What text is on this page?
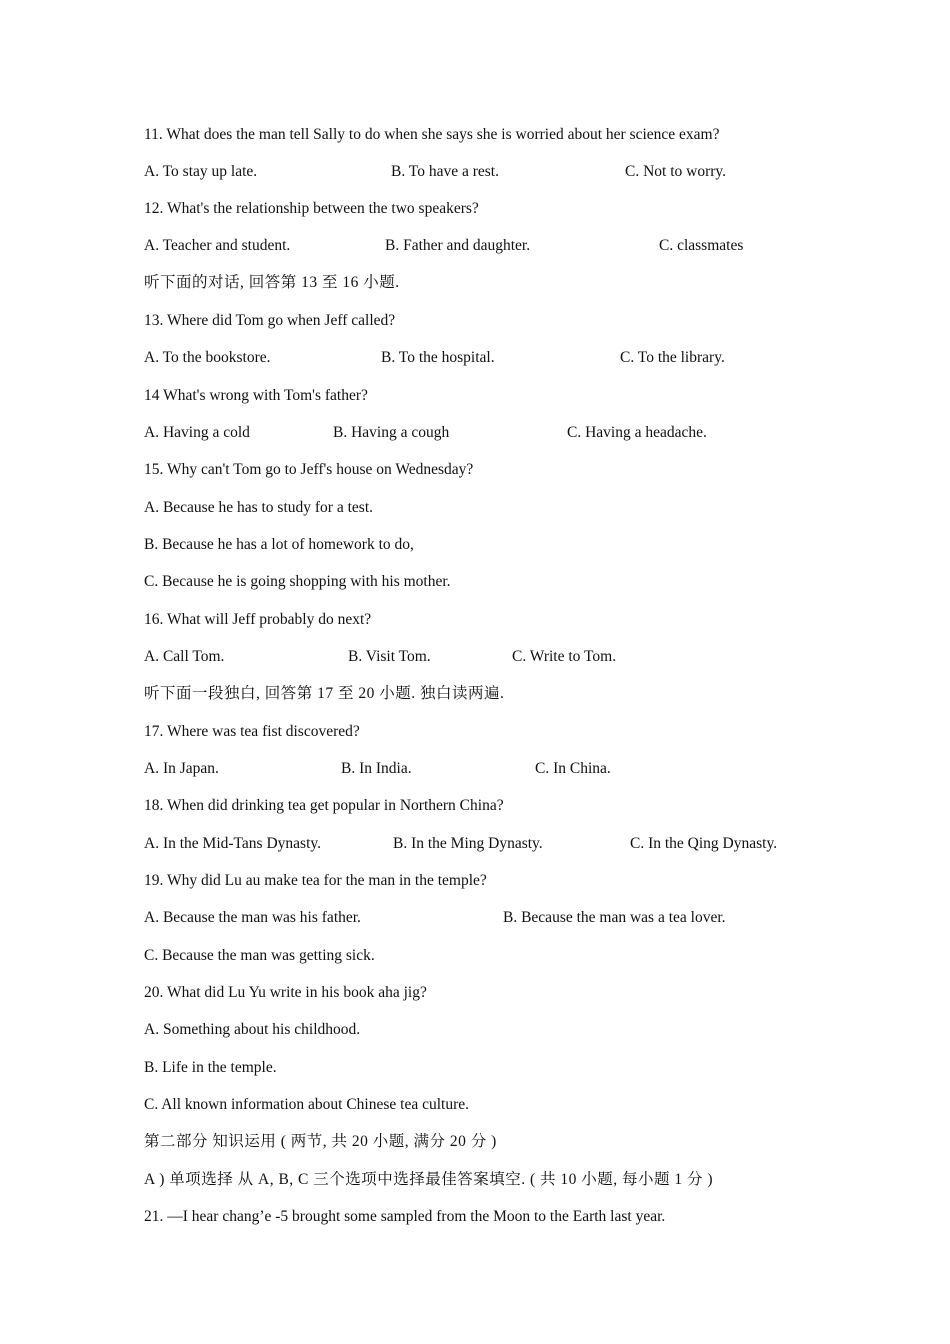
11. What does the man tell Sally to do when she says she is worried about her science exam?
A. To stay up late.	B. To have a rest.	C. Not to worry.
12. What's the relationship between the two speakers?
A. Teacher and student.	B. Father and daughter.	C. classmates
听下面的对话, 回答第 13 至 16 小题.
13. Where did Tom go when Jeff called?
A. To the bookstore.	B. To the hospital.	C. To the library.
14 What's wrong with Tom's father?
A. Having a cold	B. Having a cough	C. Having a headache.
15. Why can't Tom go to Jeff's house on Wednesday?
A. Because he has to study for a test.
B. Because he has a lot of homework to do,
C. Because he is going shopping with his mother.
16. What will Jeff probably do next?
A. Call Tom.	B. Visit Tom.	C. Write to Tom.
听下面一段独白, 回答第 17 至 20 小题. 独白读两遍.
17. Where was tea fist discovered?
A. In Japan.	B. In India.	C. In China.
18. When did drinking tea get popular in Northern China?
A. In the Mid-Tans Dynasty.	B. In the Ming Dynasty.	C. In the Qing Dynasty.
19. Why did Lu au make tea for the man in the temple?
A. Because the man was his father.	B. Because the man was a tea lover.
C. Because the man was getting sick.
20. What did Lu Yu write in his book aha jig?
A. Something about his childhood.
B. Life in the temple.
C. All known information about Chinese tea culture.
第二部分 知识运用 ( 两节, 共 20 小题, 满分 20 分 )
A ) 单项选择 从 A, B, C 三个选项中选择最佳答案填空. ( 共 10 小题, 每小题 1 分 )
21. —I hear chang’e -5 brought some sampled from the Moon to the Earth last year.
